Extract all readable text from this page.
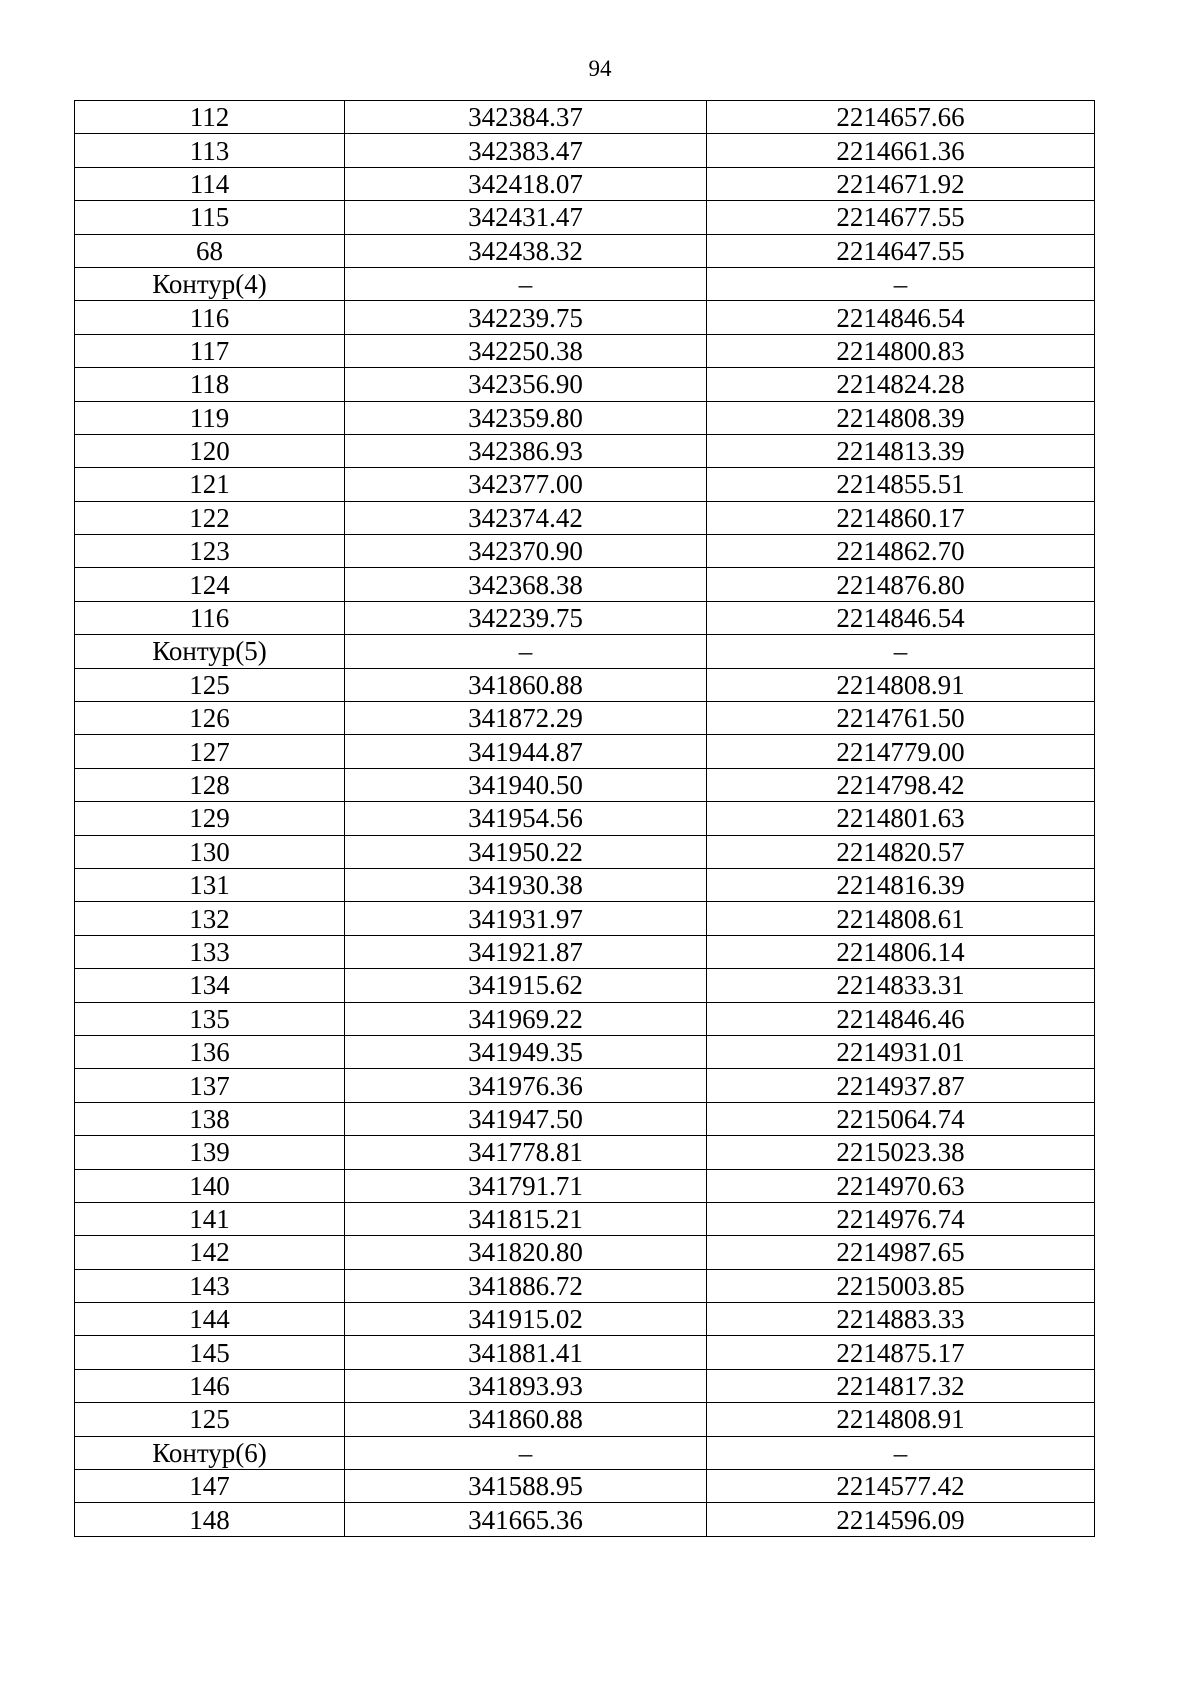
94
112	342384.37	2214657.66
113	342383.47	2214661.36
114	342418.07	2214671.92
115	342431.47	2214677.55
68	342438.32	2214647.55
Контур(4)	–	–
116	342239.75	2214846.54
117	342250.38	2214800.83
118	342356.90	2214824.28
119	342359.80	2214808.39
120	342386.93	2214813.39
121	342377.00	2214855.51
122	342374.42	2214860.17
123	342370.90	2214862.70
124	342368.38	2214876.80
116	342239.75	2214846.54
Контур(5)	–	–
125	341860.88	2214808.91
126	341872.29	2214761.50
127	341944.87	2214779.00
128	341940.50	2214798.42
129	341954.56	2214801.63
130	341950.22	2214820.57
131	341930.38	2214816.39
132	341931.97	2214808.61
133	341921.87	2214806.14
134	341915.62	2214833.31
135	341969.22	2214846.46
136	341949.35	2214931.01
137	341976.36	2214937.87
138	341947.50	2215064.74
139	341778.81	2215023.38
140	341791.71	2214970.63
141	341815.21	2214976.74
142	341820.80	2214987.65
143	341886.72	2215003.85
144	341915.02	2214883.33
145	341881.41	2214875.17
146	341893.93	2214817.32
125	341860.88	2214808.91
Контур(6)	–	–
147	341588.95	2214577.42
148	341665.36	2214596.09
